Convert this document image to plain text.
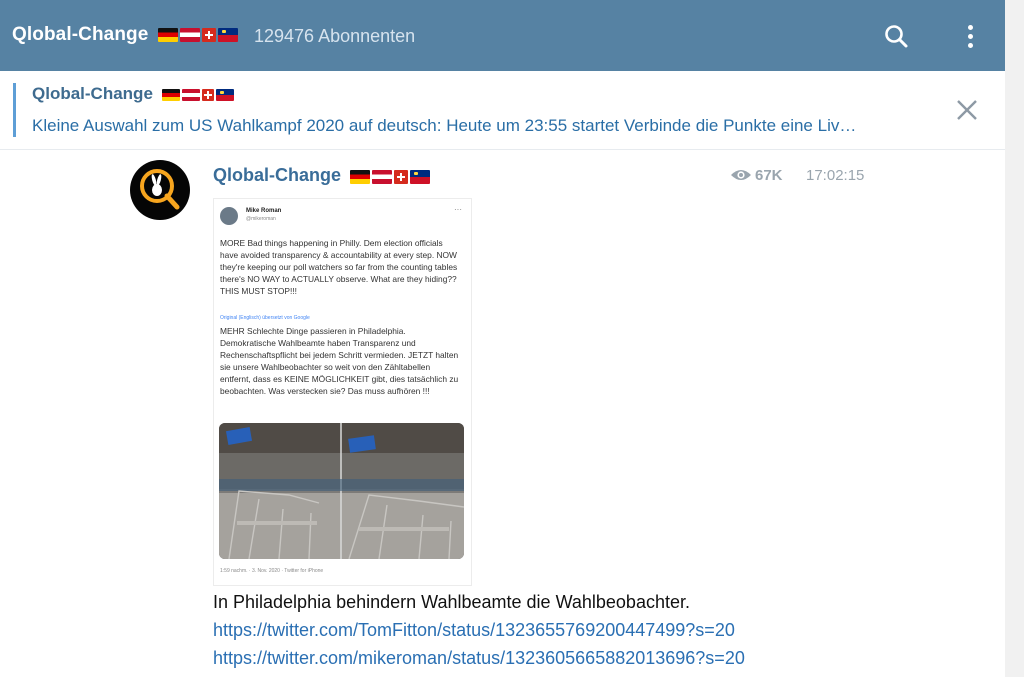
Qlobal-Change	129476 Abonnenten
Qlobal-Change
Kleine Auswahl zum US Wahlkampf 2020 auf deutsch: Heute um 23:55 startet Verbinde die Punkte eine Liv…
Qlobal-Change	67K 17:02:15
Mike Roman
@mikeroman
···
MORE Bad things happening in Philly. Dem election officials have avoided transparency & accountability at every step. NOW they're keeping our poll watchers so far from the counting tables there's NO WAY to ACTUALLY observe. What are they hiding?? THIS MUST STOP!!!
Original (Englisch) übersetzt von Google
MEHR Schlechte Dinge passieren in Philadelphia. Demokratische Wahlbeamte haben Transparenz und Rechenschaftspflicht bei jedem Schritt vermieden. JETZT halten sie unsere Wahlbeobachter so weit von den Zähltabellen entfernt, dass es KEINE MÖGLICHKEIT gibt, dies tatsächlich zu beobachten. Was verstecken sie? Das muss aufhören !!!
1:59 nachm. · 3. Nov. 2020 · Twitter for iPhone
In Philadelphia behindern Wahlbeamte die Wahlbeobachter.
https://twitter.com/TomFitton/status/1323655769200447499?s=20
https://twitter.com/mikeroman/status/1323605665882013696?s=20
